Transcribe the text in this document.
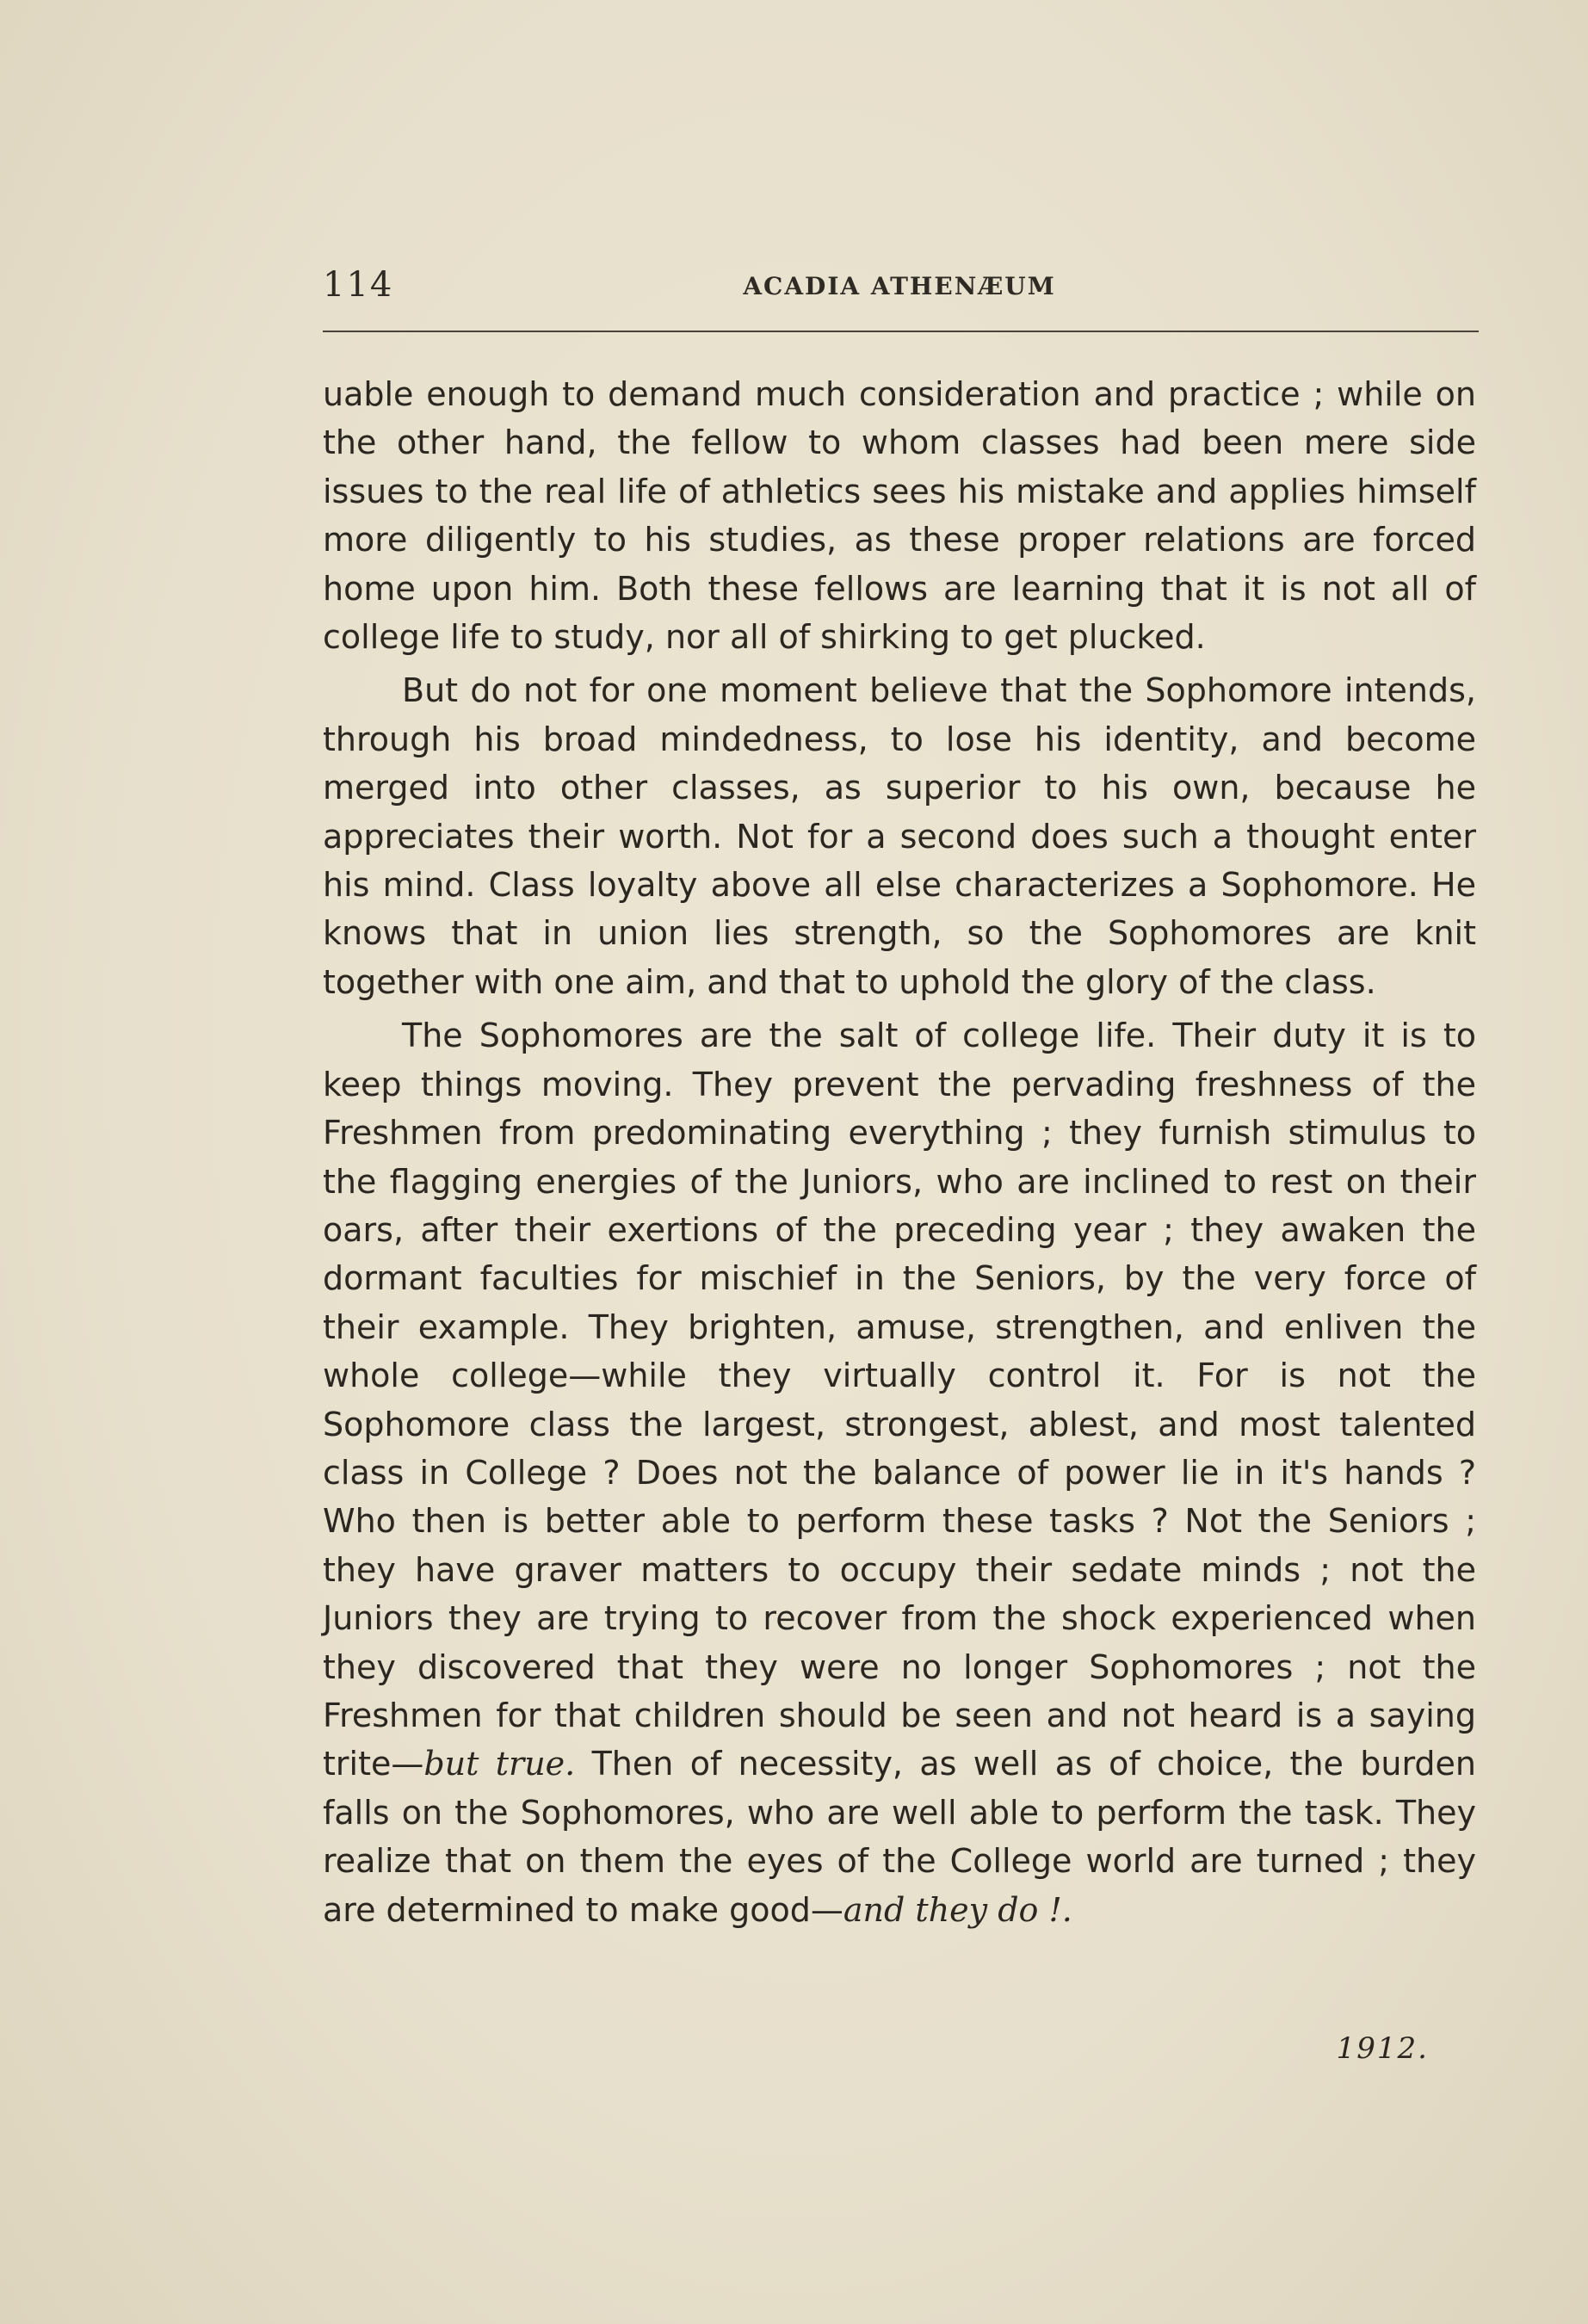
114	ACADIA ATHENÆUM

uable enough to demand much consideration and practice ; while on the other hand, the fellow to whom classes had been mere side issues to the real life of athletics sees his mistake and applies himself more diligently to his studies, as these proper relations are forced home upon him. Both these fellows are learning that it is not all of college life to study, nor all of shirking to get plucked.

But do not for one moment believe that the Sophomore intends, through his broad mindedness, to lose his identity, and become merged into other classes, as superior to his own, because he appreciates their worth. Not for a second does such a thought enter his mind. Class loyalty above all else characterizes a Sophomore. He knows that in union lies strength, so the Sophomores are knit together with one aim, and that to uphold the glory of the class.

The Sophomores are the salt of college life. Their duty it is to keep things moving. They prevent the pervading freshness of the Freshmen from predominating everything ; they furnish stimulus to the flagging energies of the Juniors, who are inclined to rest on their oars, after their exertions of the preceding year ; they awaken the dormant faculties for mischief in the Seniors, by the very force of their example. They brighten, amuse, strengthen, and enliven the whole college—while they virtually control it. For is not the Sophomore class the largest, strongest, ablest, and most talented class in College ? Does not the balance of power lie in it's hands ? Who then is better able to perform these tasks ? Not the Seniors ; they have graver matters to occupy their sedate minds ; not the Juniors they are trying to recover from the shock experienced when they discovered that they were no longer Sophomores ; not the Freshmen for that children should be seen and not heard is a saying trite—but true. Then of necessity, as well as of choice, the burden falls on the Sophomores, who are well able to perform the task. They realize that on them the eyes of the College world are turned ; they are determined to make good—and they do !.

1912.
